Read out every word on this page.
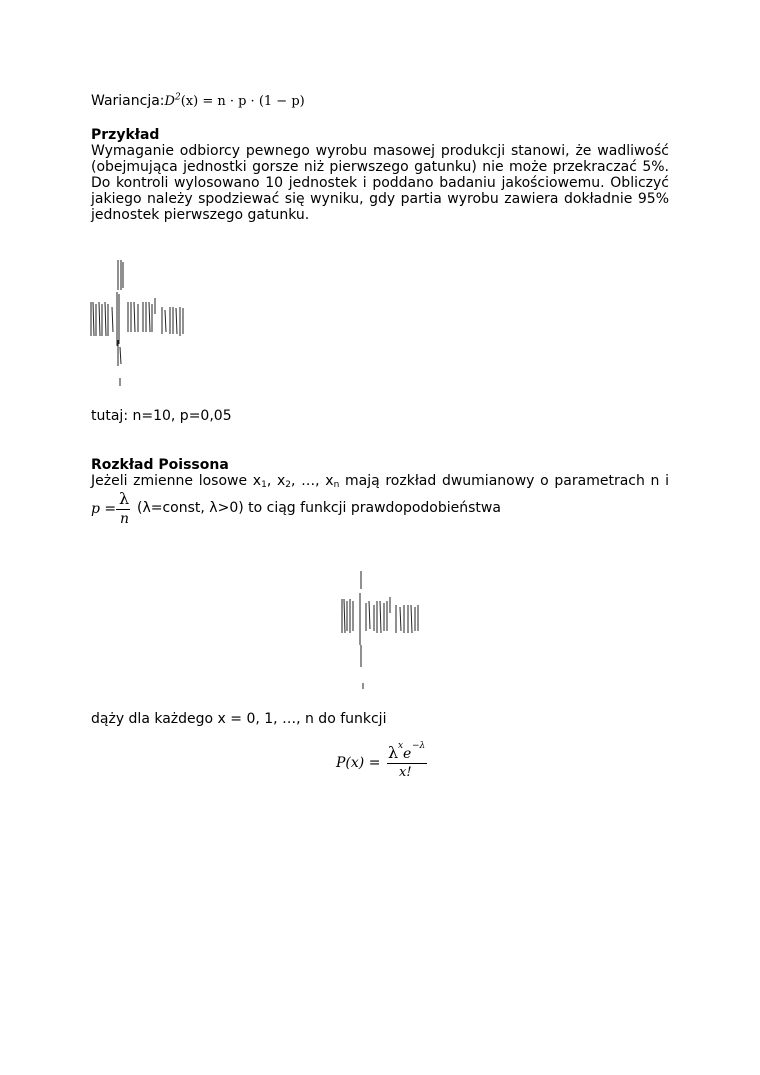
$Wariancja:D^2(x) = n \cdot p \cdot (1 - p)$
Przykład
Wymaganie odbiorcy pewnego wyrobu masowej produkcji stanowi, że wadliwość
(obejmująca jednostki gorsze niż pierwszego gatunku) nie może przekraczać 5%.
Do kontroli wylosowano 10 jednostek i poddano badaniu jakościowemu. Obliczyć
jakiego należy spodziewać się wyniku, gdy partia wyrobu zawiera dokładnie 95%
jednostek pierwszego gatunku.
tutaj: n=10, p=0,05
Rozkład Poissona
Jeżeli zmienne losowe $x_1$, $x_2$, …, $x_n$ mają rozkład dwumianowy o parametrach n i
p =
λ
n
(λ=const, λ>0) to ciąg funkcji prawdopodobieństwa
dąży dla każdego x = 0, 1, …, n do funkcji
P(x) =
λ x e −λ
x!
